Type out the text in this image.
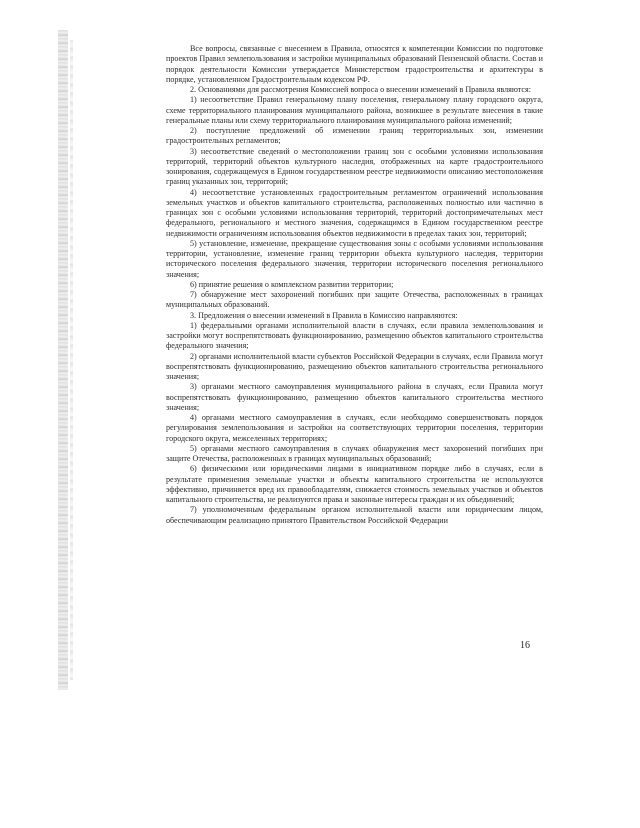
Все вопросы, связанные с внесением в Правила, относятся к компетенции Комиссии по подготовке проектов Правил землепользования и застройки муниципальных образований Пензенской области. Состав и порядок деятельности Комиссии утверждается Министерством градостроительства и архитектуры в порядке, установленном Градостроительным кодексом РФ.

2. Основаниями для рассмотрения Комиссией вопроса о внесении изменений в Правила являются:

1) несоответствие Правил генеральному плану поселения, генеральному плану городского округа, схеме территориального планирования муниципального района, возникшее в результате внесения в такие генеральные планы или схему территориального планирования муниципального района изменений;

2) поступление предложений об изменении границ территориальных зон, изменении градостроительных регламентов;

3) несоответствие сведений о местоположении границ зон с особыми условиями использования территорий, территорий объектов культурного наследия, отображенных на карте градостроительного зонирования, содержащемуся в Едином государственном реестре недвижимости описанию местоположения границ указанных зон, территорий;

4) несоответствие установленных градостроительным регламентом ограничений использования земельных участков и объектов капитального строительства, расположенных полностью или частично в границах зон с особыми условиями использования территорий, территорий достопримечательных мест федерального, регионального и местного значения, содержащимся в Едином государственном реестре недвижимости ограничениям использования объектов недвижимости в пределах таких зон, территорий;

5) установление, изменение, прекращение существования зоны с особыми условиями использования территории, установление, изменение границ территории объекта культурного наследия, территории исторического поселения федерального значения, территории исторического поселения регионального значения;

6) принятие решения о комплексном развитии территории;

7) обнаружение мест захоронений погибших при защите Отечества, расположенных в границах муниципальных образований.

3. Предложения о внесении изменений в Правила в Комиссию направляются:

1) федеральными органами исполнительной власти в случаях, если правила землепользования и застройки могут воспрепятствовать функционированию, размещению объектов капитального строительства федерального значения;

2) органами исполнительной власти субъектов Российской Федерации в случаях, если Правила могут воспрепятствовать функционированию, размещению объектов капитального строительства регионального значения;

3) органами местного самоуправления муниципального района в случаях, если Правила могут воспрепятствовать функционированию, размещению объектов капитального строительства местного значения;

4) органами местного самоуправления в случаях, если необходимо совершенствовать порядок регулирования землепользования и застройки на соответствующих территории поселения, территории городского округа, межселенных территориях;

5) органами местного самоуправления в случаях обнаружения мест захоронений погибших при защите Отечества, расположенных в границах муниципальных образований;

6) физическими или юридическими лицами в инициативном порядке либо в случаях, если в результате применения земельные участки и объекты капитального строительства не используются эффективно, причиняется вред их правообладателям, снижается стоимость земельных участков и объектов капитального строительства, не реализуются права и законные интересы граждан и их объединений;

7) уполномоченным федеральным органом исполнительной власти или юридическим лицом, обеспечивающим реализацию принятого Правительством Российской Федерации

16
